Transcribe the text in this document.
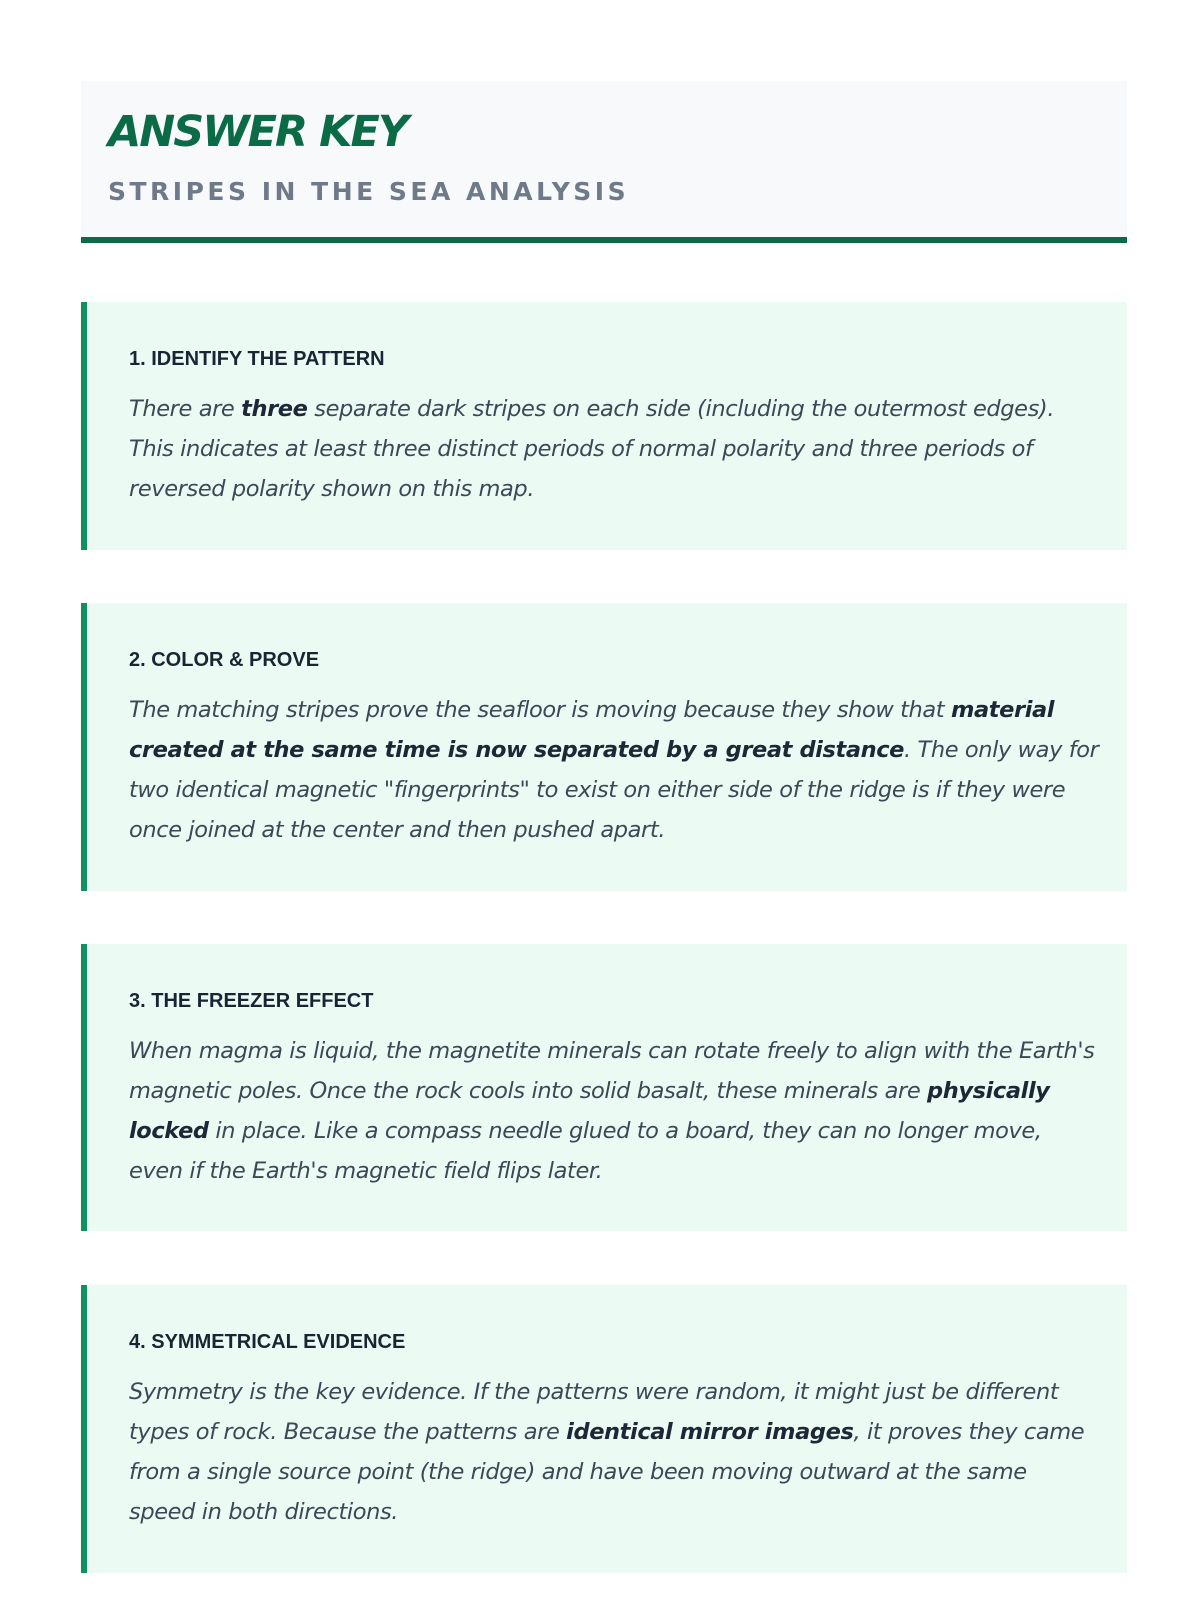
ANSWER KEY
STRIPES IN THE SEA ANALYSIS
1. IDENTIFY THE PATTERN

There are three separate dark stripes on each side (including the outermost edges). This indicates at least three distinct periods of normal polarity and three periods of reversed polarity shown on this map.

2. COLOR & PROVE

The matching stripes prove the seafloor is moving because they show that material created at the same time is now separated by a great distance. The only way for two identical magnetic "fingerprints" to exist on either side of the ridge is if they were once joined at the center and then pushed apart.

3. THE FREEZER EFFECT

When magma is liquid, the magnetite minerals can rotate freely to align with the Earth's magnetic poles. Once the rock cools into solid basalt, these minerals are physically locked in place. Like a compass needle glued to a board, they can no longer move, even if the Earth's magnetic field flips later.

4. SYMMETRICAL EVIDENCE

Symmetry is the key evidence. If the patterns were random, it might just be different types of rock. Because the patterns are identical mirror images, it proves they came from a single source point (the ridge) and have been moving outward at the same speed in both directions.
